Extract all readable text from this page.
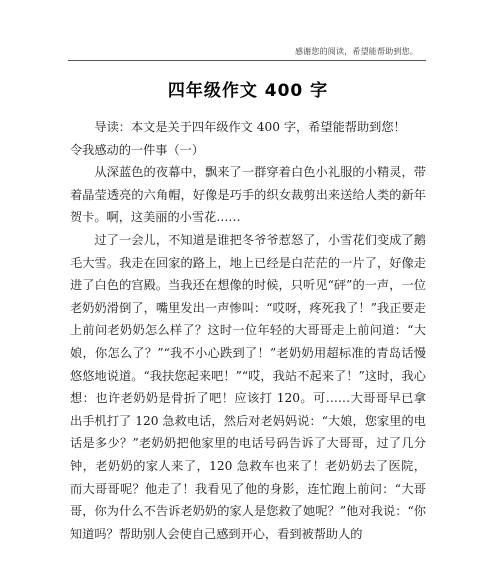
感谢您的阅读，希望能帮助到您。
四年级作文 400 字

导读：本文是关于四年级作文 400 字，希望能帮助到您！

令我感动的一件事（一）

从深蓝色的夜幕中，飘来了一群穿着白色小礼服的小精灵，带着晶莹透亮的六角帽，好像是巧手的织女裁剪出来送给人类的新年贺卡。啊，这美丽的小雪花……

过了一会儿，不知道是谁把冬爷爷惹怒了，小雪花们变成了鹅毛大雪。我走在回家的路上，地上已经是白茫茫的一片了，好像走进了白色的宫殿。当我还在想像的时候，只听见“砰”的一声，一位老奶奶滑倒了，嘴里发出一声惨叫：“哎呀，疼死我了！”我正要走上前问老奶奶怎么样了？这时一位年轻的大哥哥走上前问道：“大娘，你怎么了？”“我不小心跌到了！”老奶奶用超标准的青岛话慢悠悠地说道。“我扶您起来吧！”“哎，我站不起来了！”这时，我心想：也许老奶奶是骨折了吧！应该打 120。可……大哥哥早已拿出手机打了 120 急救电话，然后对老妈妈说：“大娘，您家里的电话是多少？”老奶奶把他家里的电话号码告诉了大哥哥，过了几分钟，老奶奶的家人来了，120 急救车也来了！老奶奶去了医院，而大哥哥呢？他走了！我看见了他的身影，连忙跑上前问：“大哥哥，你为什么不告诉老奶奶的家人是您救了她呢？”他对我说：“你知道吗？帮助别人会使自己感到开心，看到被帮助人的
